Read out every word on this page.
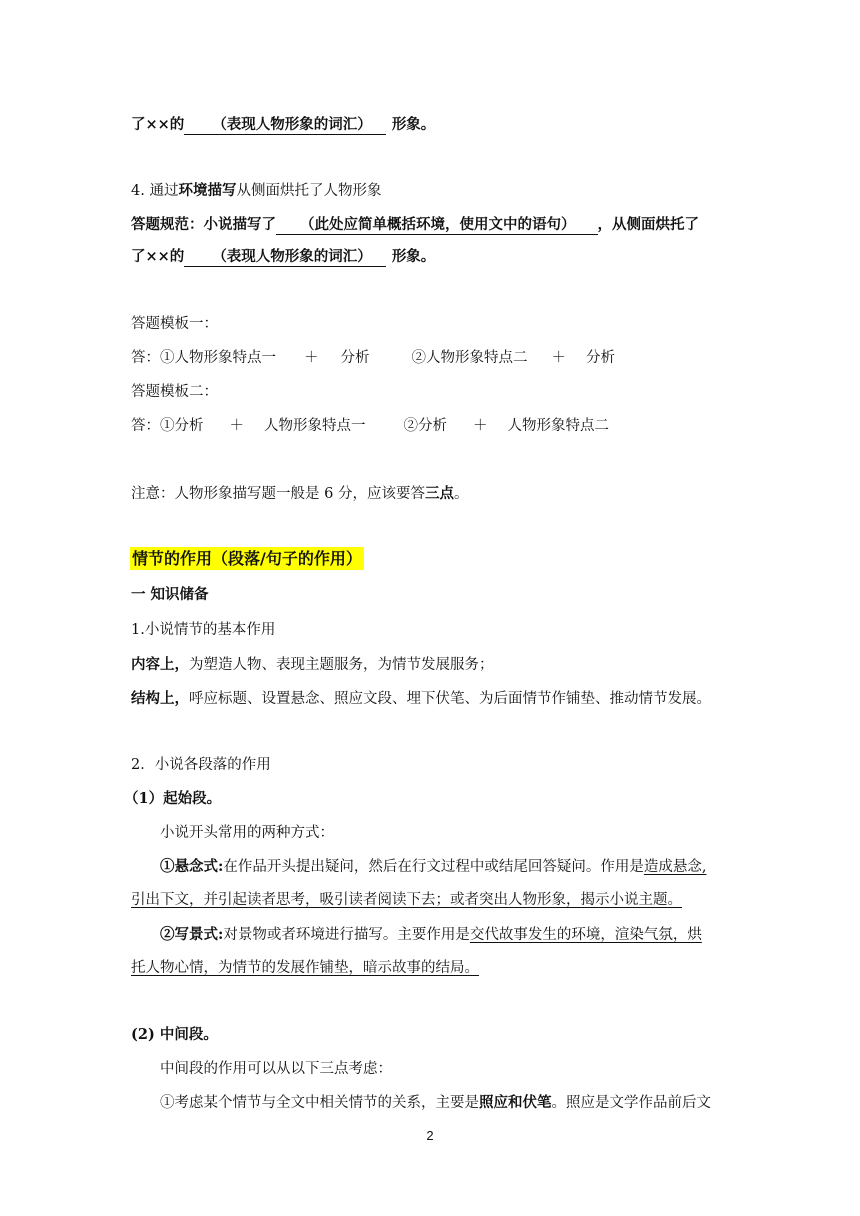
了××的 （表现人物形象的词汇） 形象。
4. 通过环境描写从侧面烘托了人物形象
答题规范：小说描写了 （此处应简单概括环境，使用文中的语句） ，从侧面烘托了
了××的 （表现人物形象的词汇） 形象。
答题模板一：
答：①人物形象特点一 ＋ 分析	②人物形象特点二 ＋ 分析
答题模板二：
答：①分析 ＋ 人物形象特点一	②分析 ＋ 人物形象特点二
注意：人物形象描写题一般是 6 分，应该要答三点。
情节的作用（段落/句子的作用）
一 知识储备
1.小说情节的基本作用
内容上，为塑造人物、表现主题服务，为情节发展服务；
结构上，呼应标题、设置悬念、照应文段、埋下伏笔、为后面情节作铺垫、推动情节发展。
2．小说各段落的作用
（1）起始段。
小说开头常用的两种方式：
①悬念式:在作品开头提出疑问，然后在行文过程中或结尾回答疑问。作用是造成悬念,
引出下文，并引起读者思考，吸引读者阅读下去；或者突出人物形象，揭示小说主题。
②写景式:对景物或者环境进行描写。主要作用是交代故事发生的环境，渲染气氛，烘
托人物心情，为情节的发展作铺垫，暗示故事的结局。
(2) 中间段。
中间段的作用可以从以下三点考虑：
①考虑某个情节与全文中相关情节的关系，主要是照应和伏笔。照应是文学作品前后文
2
